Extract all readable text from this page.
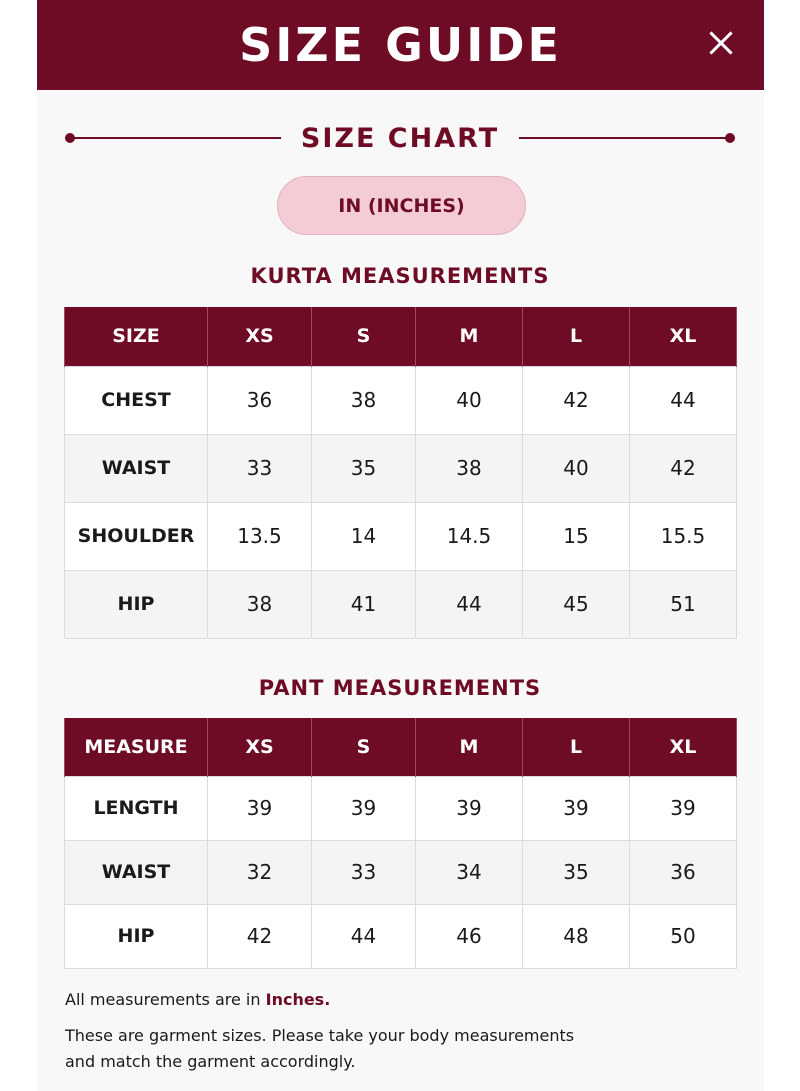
SIZE GUIDE
SIZE CHART
IN (INCHES)
KURTA MEASUREMENTS
SIZE	XS	S	M	L	XL
CHEST	36	38	40	42	44
WAIST	33	35	38	40	42
SHOULDER	13.5	14	14.5	15	15.5
HIP	38	41	44	45	51
PANT MEASUREMENTS
MEASURE	XS	S	M	L	XL
LENGTH	39	39	39	39	39
WAIST	32	33	34	35	36
HIP	42	44	46	48	50
All measurements are in Inches.
These are garment sizes. Please take your body measurements
and match the garment accordingly.
